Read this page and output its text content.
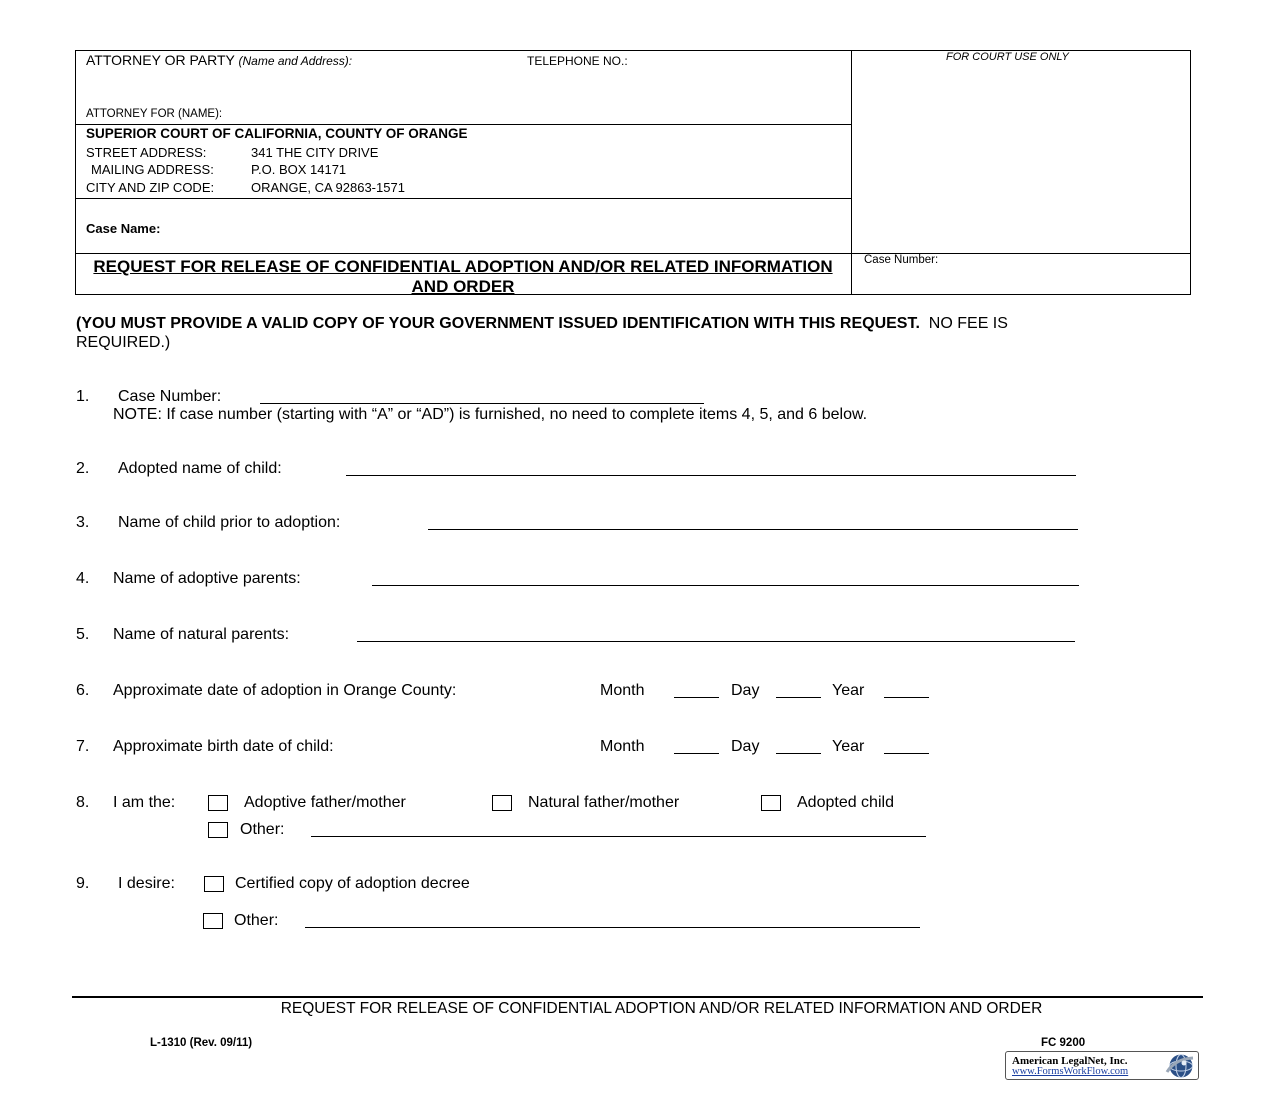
ATTORNEY OR PARTY (Name and Address):	TELEPHONE NO.:	FOR COURT USE ONLY
ATTORNEY FOR (NAME):
SUPERIOR COURT OF CALIFORNIA, COUNTY OF ORANGE
STREET ADDRESS:	341 THE CITY DRIVE
MAILING ADDRESS:	P.O. BOX 14171
CITY AND ZIP CODE:	ORANGE, CA 92863-1571
Case Name:
REQUEST FOR RELEASE OF CONFIDENTIAL ADOPTION AND/OR RELATED INFORMATION AND ORDER
Case Number:
(YOU MUST PROVIDE A VALID COPY OF YOUR GOVERNMENT ISSUED IDENTIFICATION WITH THIS REQUEST. NO FEE IS
REQUIRED.)
1. Case Number:
NOTE: If case number (starting with “A” or “AD”) is furnished, no need to complete items 4, 5, and 6 below.
2. Adopted name of child:
3. Name of child prior to adoption:
4. Name of adoptive parents:
5. Name of natural parents:
6. Approximate date of adoption in Orange County:	Month	Day	Year
7. Approximate birth date of child:	Month	Day	Year
8. I am the:	Adoptive father/mother	Natural father/mother	Adopted child
Other:
9. I desire:	Certified copy of adoption decree
Other:
REQUEST FOR RELEASE OF CONFIDENTIAL ADOPTION AND/OR RELATED INFORMATION AND ORDER
L-1310 (Rev. 09/11)	FC 9200
American LegalNet, Inc.
www.FormsWorkFlow.com
